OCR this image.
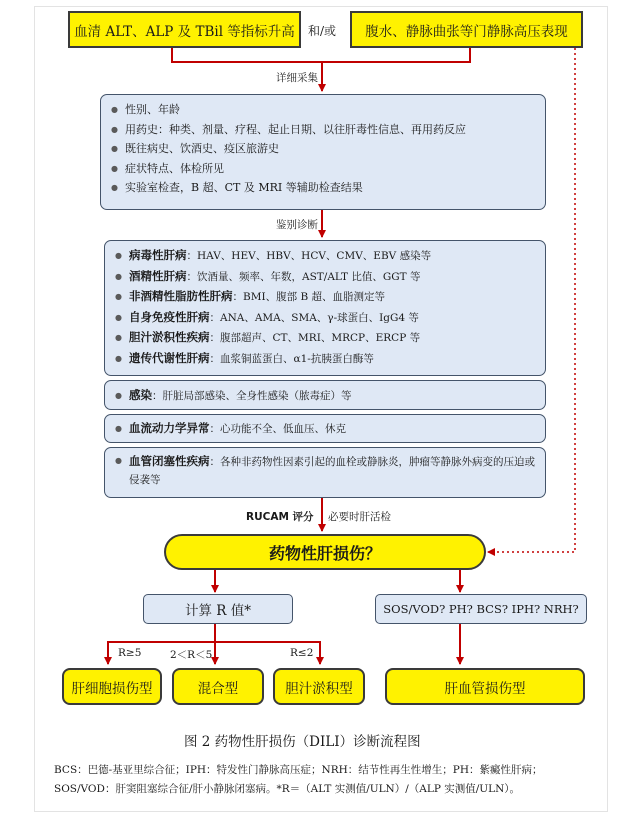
血清 ALT、ALP 及 TBil 等指标升高 和/或 腹水、静脉曲张等门静脉高压表现
详细采集
● 性别、年龄
● 用药史：种类、剂量、疗程、起止日期、以往肝毒性信息、再用药反应
● 既往病史、饮酒史、疫区旅游史
● 症状特点、体检所见
● 实验室检查，B 超、CT 及 MRI 等辅助检查结果
鉴别诊断
● 病毒性肝病：HAV、HEV、HBV、HCV、CMV、EBV 感染等
● 酒精性肝病：饮酒量、频率、年数，AST/ALT 比值、GGT 等
● 非酒精性脂肪性肝病：BMI、腹部 B 超、血脂测定等
● 自身免疫性肝病：ANA、AMA、SMA、γ-球蛋白、IgG4 等
● 胆汁淤积性疾病：腹部超声、CT、MRI、MRCP、ERCP 等
● 遗传代谢性肝病：血浆铜蓝蛋白、α1-抗胰蛋白酶等
● 感染：肝脏局部感染、全身性感染（脓毒症）等
● 血流动力学异常：心功能不全、低血压、休克
● 血管闭塞性疾病：各种非药物性因素引起的血栓或静脉炎，肿瘤等静脉外病变的压迫或侵袭等
RUCAM 评分 必要时肝活检
药物性肝损伤？
计算 R 值*	SOS/VOD? PH? BCS? IPH? NRH?
R≥5	2＜R＜5	R≤2
肝细胞损伤型	混合型	胆汁淤积型	肝血管损伤型
图 2 药物性肝损伤（DILI）诊断流程图
BCS：巴德-基亚里综合征；IPH：特发性门静脉高压症；NRH：结节性再生性增生；PH：紫癜性肝病；
SOS/VOD：肝窦阻塞综合征/肝小静脉闭塞病。*R＝（ALT 实测值/ULN）/（ALP 实测值/ULN）。
